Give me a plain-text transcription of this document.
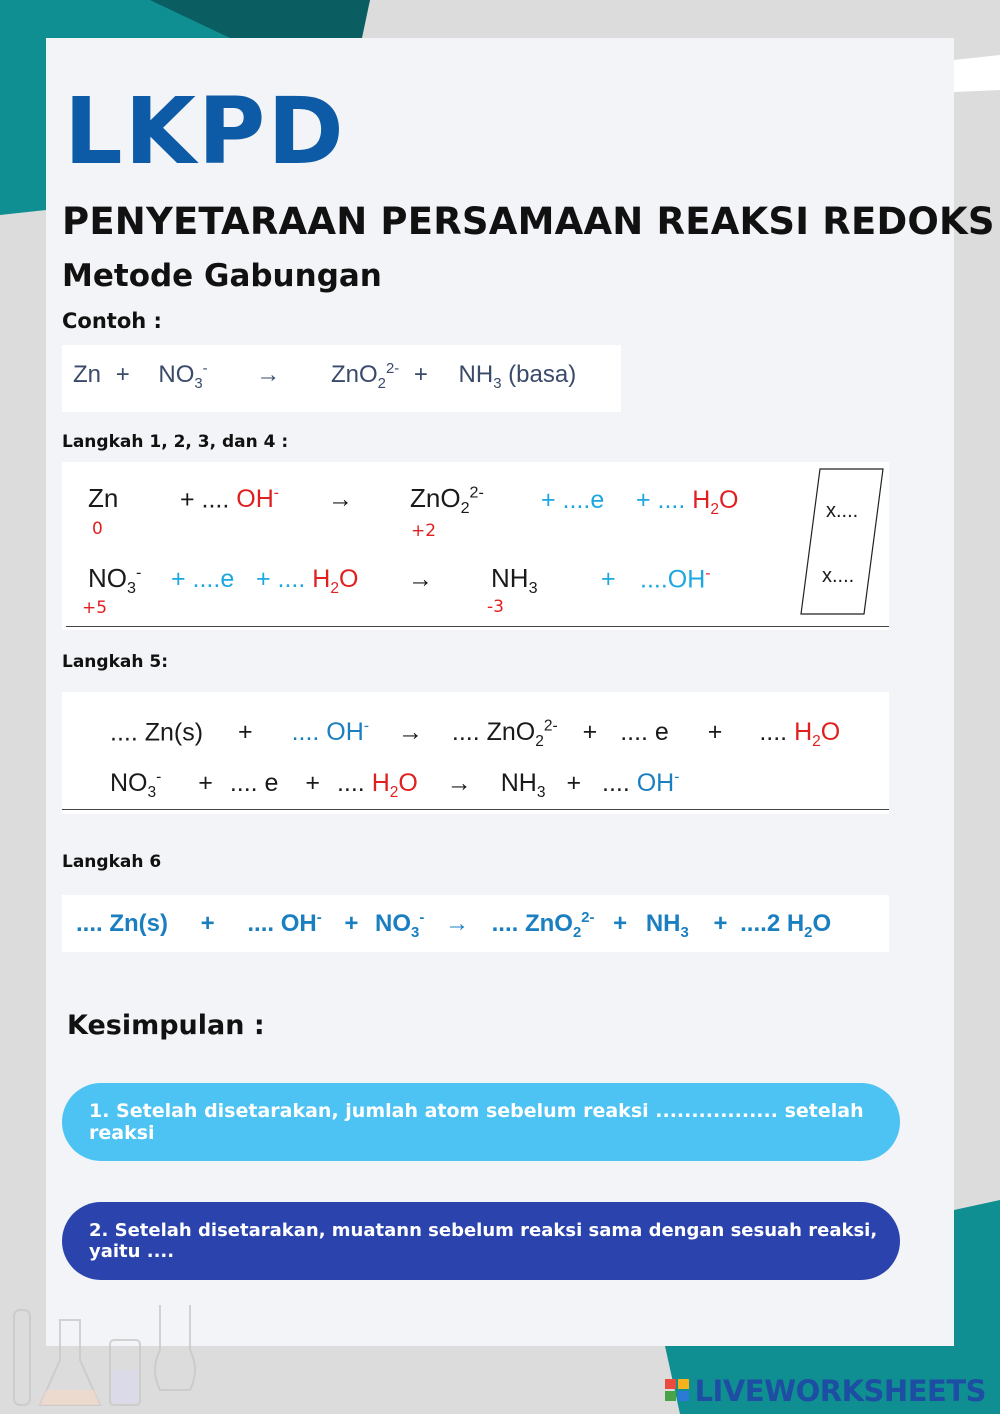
LKPD
PENYETARAAN PERSAMAAN REAKSI REDOKS
Metode Gabungan
Contoh :
$Zn + NO_3^- \to ZnO_2^{2-} + NH_3$ (basa)
Langkah 1, 2, 3, dan 4 :
Zn
0
+ .... OH- → ZnO$_2^{2-}$
+2
+ ....e + .... $H_2O$
$NO_3^-$
+5
+ ....e + .... $H_2O \to NH_3$
-3
+ ....OH-
x....
x....
Langkah 5:
.... Zn(s) + .... OH- → .... ZnO$_2^{2-}$ + .... e + .... $H_2O$
$NO_3^-$ + .... e + .... $H_2O \to NH_3$ + .... OH-
Langkah 6
.... Zn(s) + .... $OH^- + NO_3^-$ → .... $ZnO_2^{2-} + NH_3 + ....2$ $H_2O$
Kesimpulan :
1. Setelah disetarakan, jumlah atom sebelum reaksi ................. setelah reaksi
2. Setelah disetarakan, muatann sebelum reaksi sama dengan sesuah reaksi, yaitu ....
LIVEWORKSHEETS
